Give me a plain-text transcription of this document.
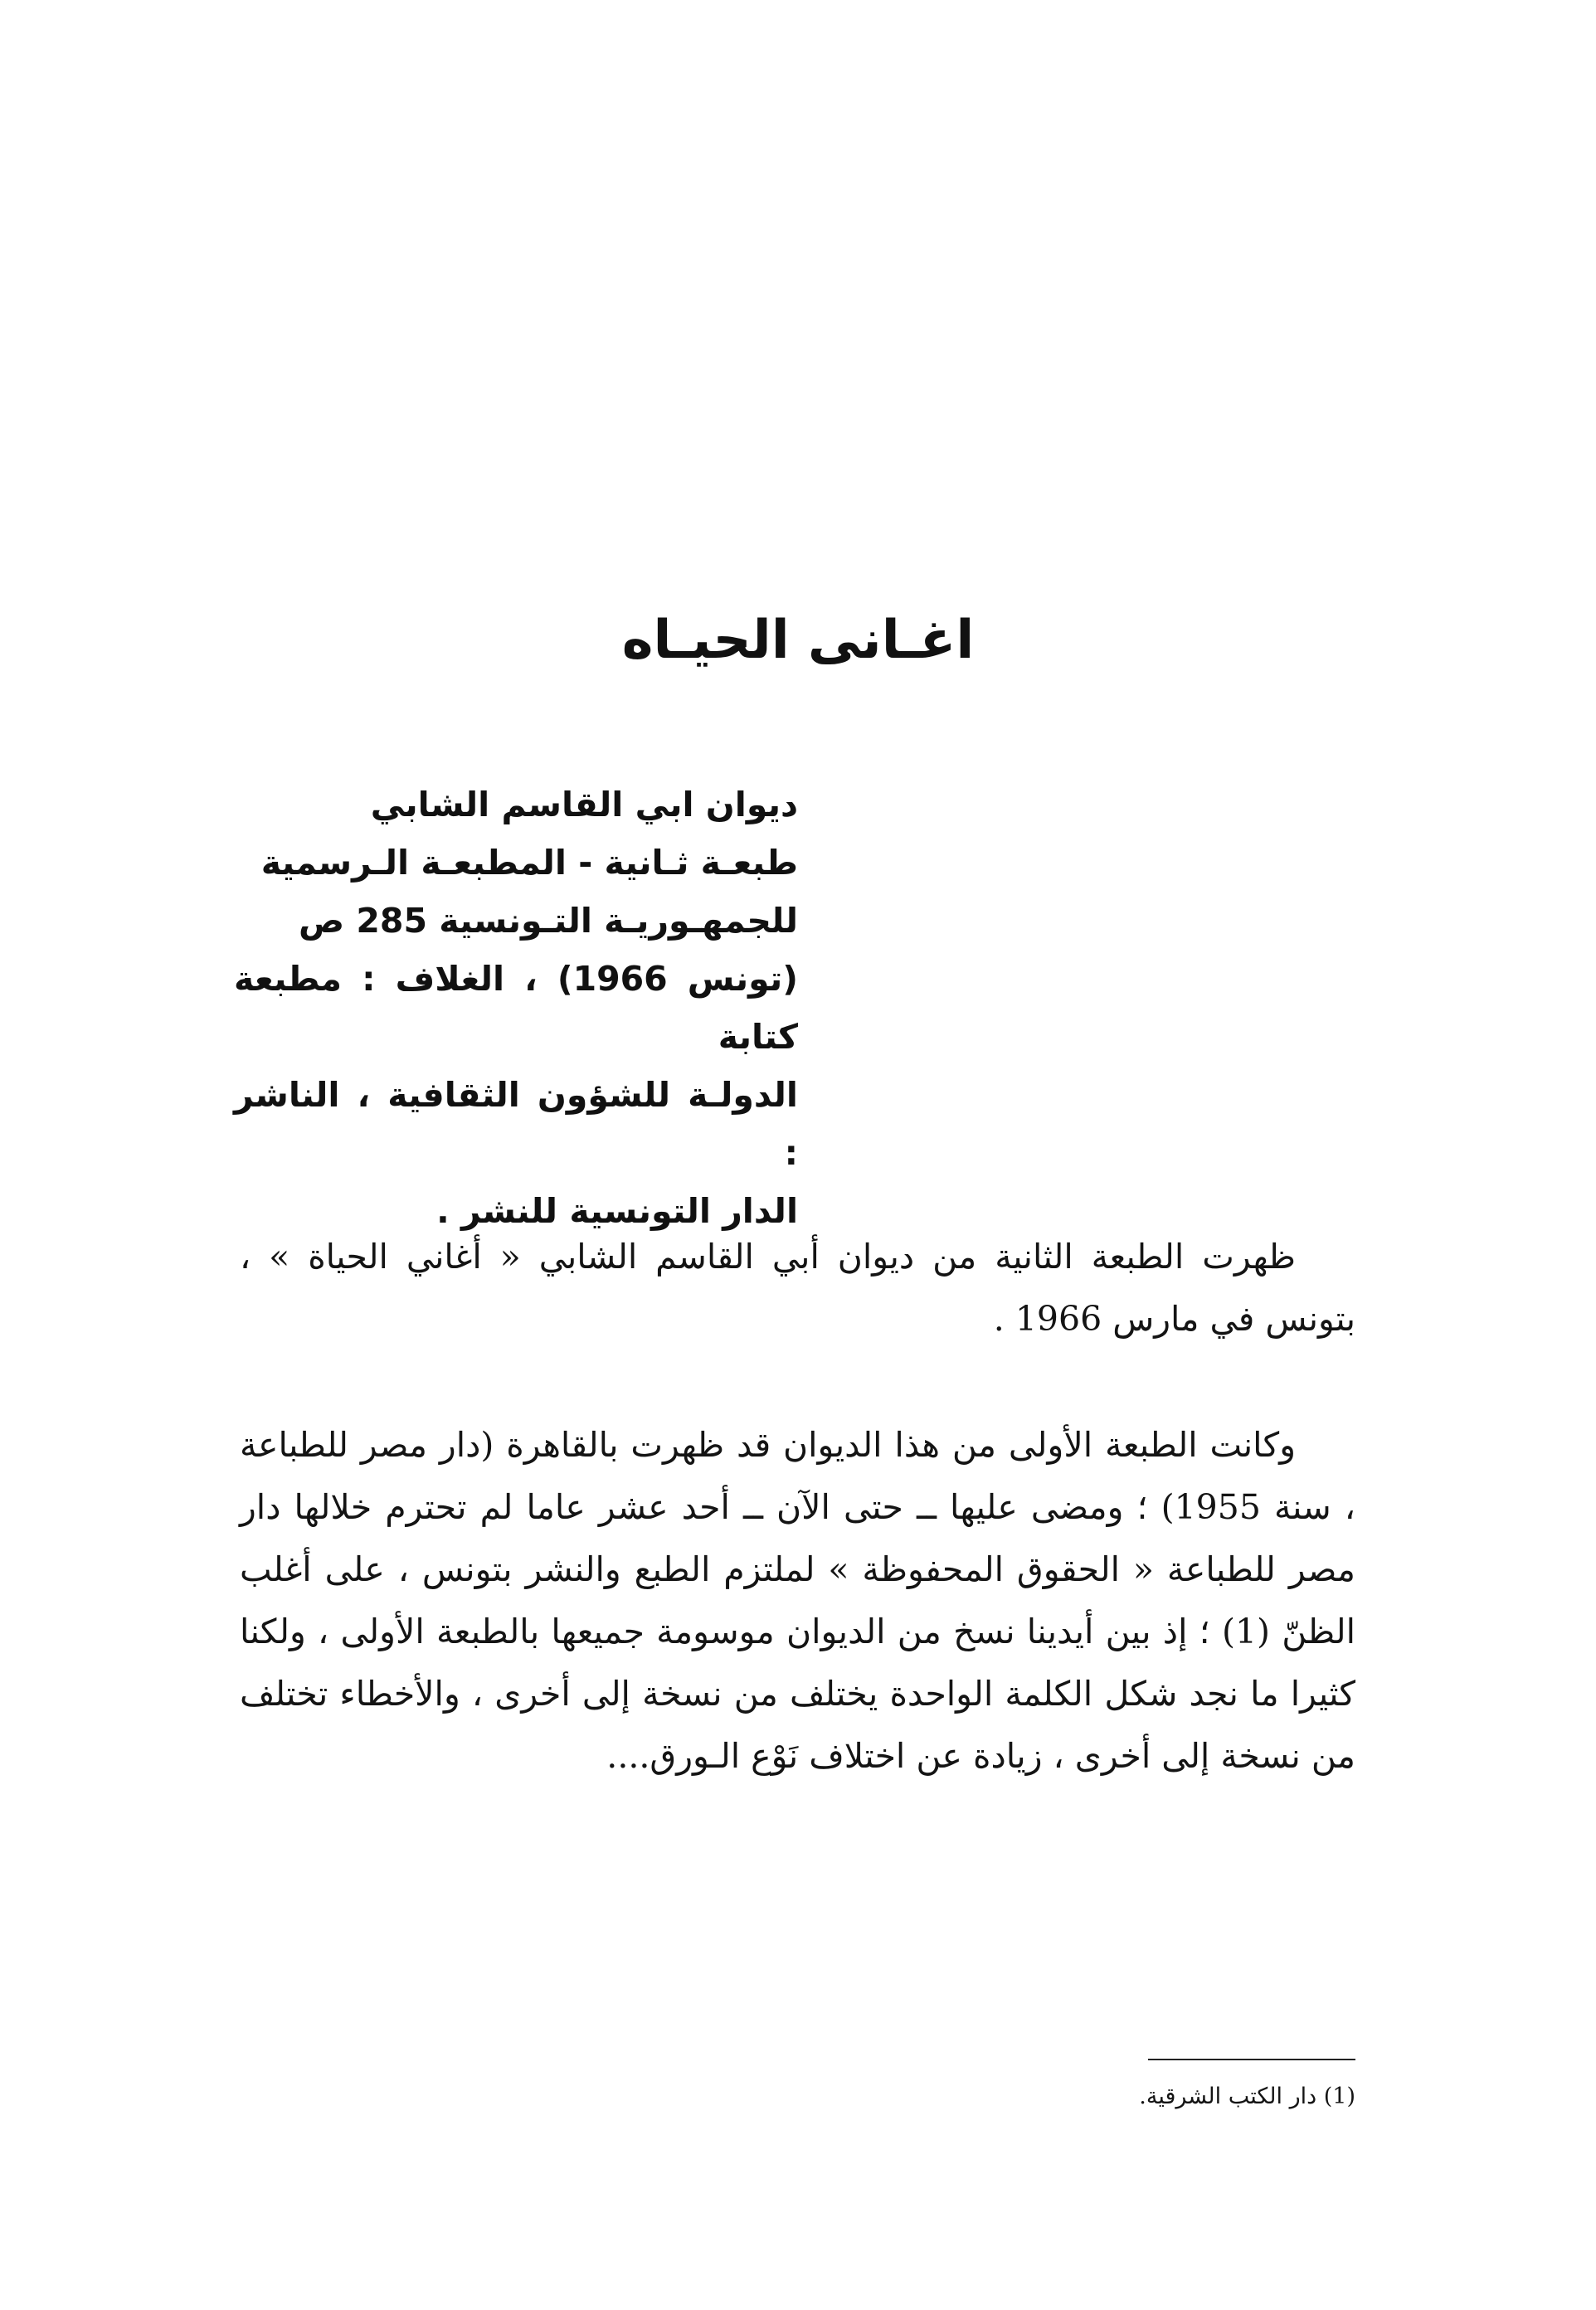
اغـانى الحيـاه
ديوان ابي القاسم الشابي
طبعـة ثـانية - المطبعـة الـرسمية
للجمهـوريـة التـونسية 285 ص
(تونس 1966) ، الغلاف : مطبعة كتابة
الدولـة للشؤون الثقافية ، الناشر :
الدار التونسية للنشر .

ظهرت الطبعة الثانية من ديوان أبي القاسم الشابي « أغاني الحياة » ، بتونس في مارس 1966 .

وكانت الطبعة الأولى من هذا الديوان قد ظهرت بالقاهرة (دار مصر للطباعة ، سنة 1955) ؛ ومضى عليها ــ حتى الآن ــ أحد عشر عاما لم تحترم خلالها دار مصر للطباعة « الحقوق المحفوظة » لملتزم الطبع والنشر بتونس ، على أغلب الظنّ (1) ؛ إذ بين أيدينا نسخ من الديوان موسومة جميعها بالطبعة الأولى ، ولكنا كثيرا ما نجد شكل الكلمة الواحدة يختلف من نسخة إلى أخرى ، والأخطاء تختلف من نسخة إلى أخرى ، زيادة عن اختلاف نَوْع الـورق....

(1) دار الكتب الشرقية.
